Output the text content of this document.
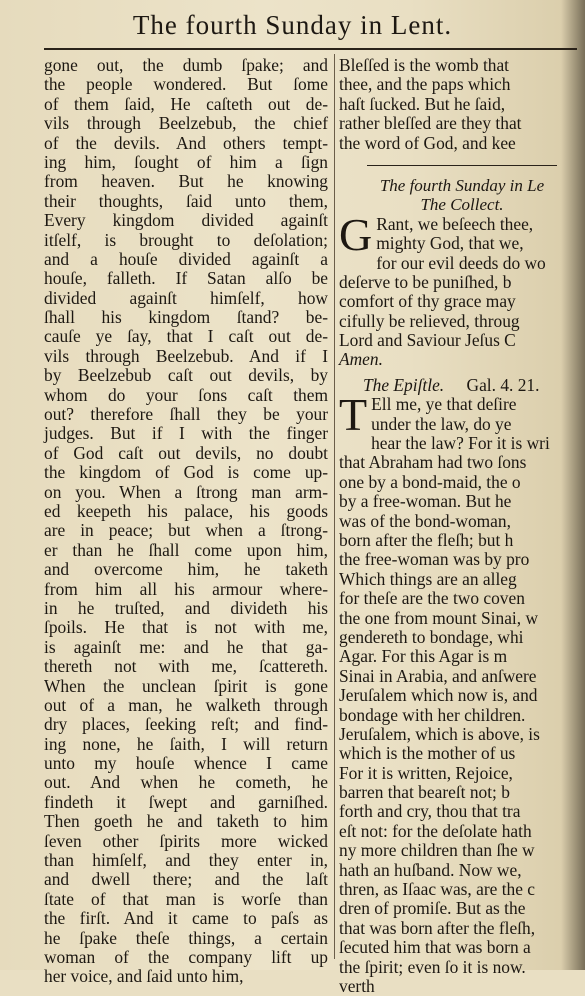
The fourth Sunday in Lent.
gone out, the dumb ſpake; and
the people wondered. But ſome
of them ſaid, He caſteth out de-
vils through Beelzebub, the chief
of the devils. And others tempt-
ing him, ſought of him a ſign
from heaven. But he knowing
their thoughts, ſaid unto them,
Every kingdom divided againſt
itſelf, is brought to deſolation;
and a houſe divided againſt a
houſe, falleth. If Satan alſo be
divided againſt himſelf, how
ſhall his kingdom ſtand? be-
cauſe ye ſay, that I caſt out de-
vils through Beelzebub. And if I
by Beelzebub caſt out devils, by
whom do your ſons caſt them
out? therefore ſhall they be your
judges. But if I with the finger
of God caſt out devils, no doubt
the kingdom of God is come up-
on you. When a ſtrong man arm-
ed keepeth his palace, his goods
are in peace; but when a ſtrong-
er than he ſhall come upon him,
and overcome him, he taketh
from him all his armour where-
in he truſted, and divideth his
ſpoils. He that is not with me,
is againſt me: and he that ga-
thereth not with me, ſcattereth.
When the unclean ſpirit is gone
out of a man, he walketh through
dry places, ſeeking reſt; and find-
ing none, he ſaith, I will return
unto my houſe whence I came
out. And when he cometh, he
findeth it ſwept and garniſhed.
Then goeth he and taketh to him
ſeven other ſpirits more wicked
than himſelf, and they enter in,
and dwell there; and the laſt
ſtate of that man is worſe than
the firſt. And it came to paſs as
he ſpake theſe things, a certain
woman of the company lift up
her voice, and ſaid unto him,
Bleſſed is the womb that
thee, and the paps which
haſt ſucked. But he ſaid,
rather bleſſed are they that
the word of God, and kee
The fourth Sunday in Le
The Collect.
G Rant, we beſeech thee,
mighty God, that we,
for our evil deeds do wo
deſerve to be puniſhed, b
comfort of thy grace may
cifully be relieved, throug
Lord and Saviour Jeſus C
Amen.
The Epiſtle. Gal. 4. 21.
T Ell me, ye that deſire
under the law, do ye
hear the law? For it is wri
that Abraham had two ſons
one by a bond-maid, the o
by a free-woman. But he
was of the bond-woman,
born after the fleſh; but h
the free-woman was by pro
Which things are an alleg
for theſe are the two coven
the one from mount Sinai, w
gendereth to bondage, whi
Agar. For this Agar is m
Sinai in Arabia, and anſwere
Jeruſalem which now is, and
bondage with her children.
Jeruſalem, which is above, is
which is the mother of us
For it is written, Rejoice,
barren that beareſt not; b
forth and cry, thou that tra
eſt not: for the deſolate hath
ny more children than ſhe w
hath an huſband. Now we,
thren, as Iſaac was, are the c
dren of promiſe. But as the
that was born after the fleſh,
ſecuted him that was born a
the ſpirit; even ſo it is now.
verth
